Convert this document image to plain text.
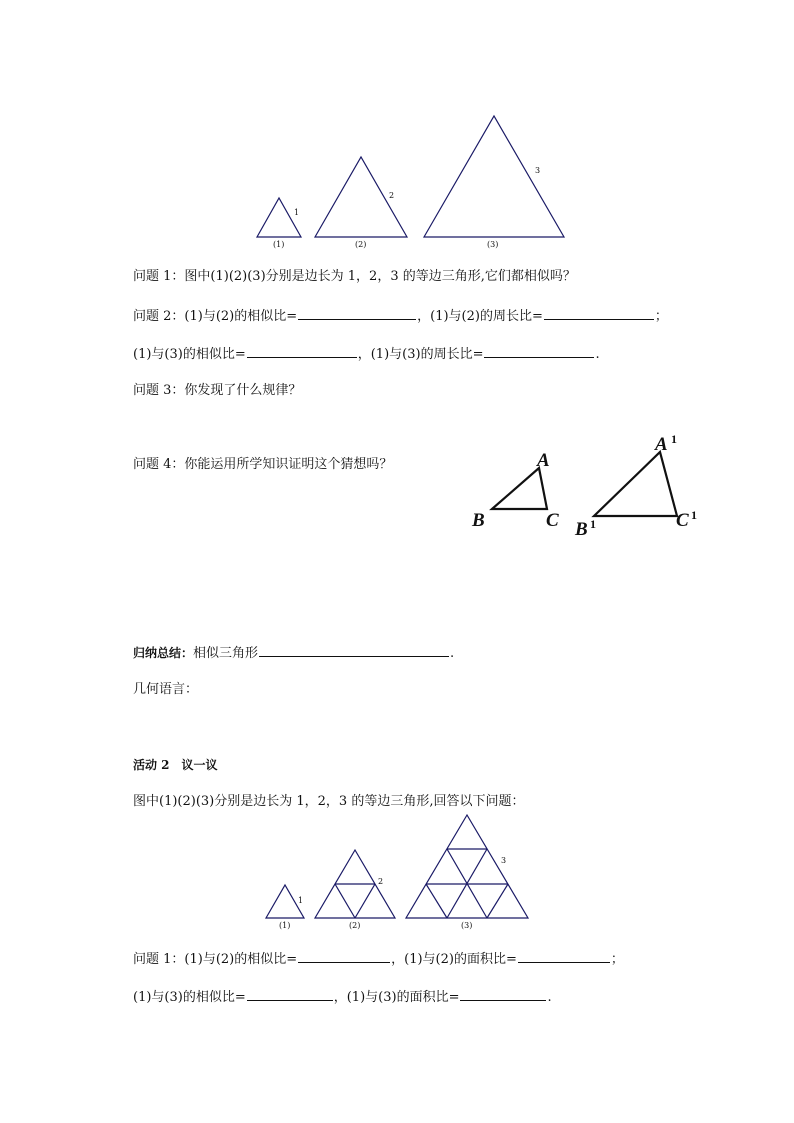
1
2
3
(1)	(2)	(3)
问题 1：图中(1)(2)(3)分别是边长为 1，2，3 的等边三角形,它们都相似吗？
问题 2：(1)与(2)的相似比=	，(1)与(2)的周长比=	；
(1)与(3)的相似比=	，(1)与(3)的周长比=	.
问题 3：你发现了什么规律？
问题 4：你能运用所学知识证明这个猜想吗？	A
B	C
A 1
B 1	C 1
归纳总结：相似三角形	.
几何语言：
活动 2　议一议
图中(1)(2)(3)分别是边长为 1，2，3 的等边三角形,回答以下问题：
1
2
3
(1)	(2)	(3)
问题 1：(1)与(2)的相似比=	，(1)与(2)的面积比=	；
(1)与(3)的相似比=	，(1)与(3)的面积比=	.
